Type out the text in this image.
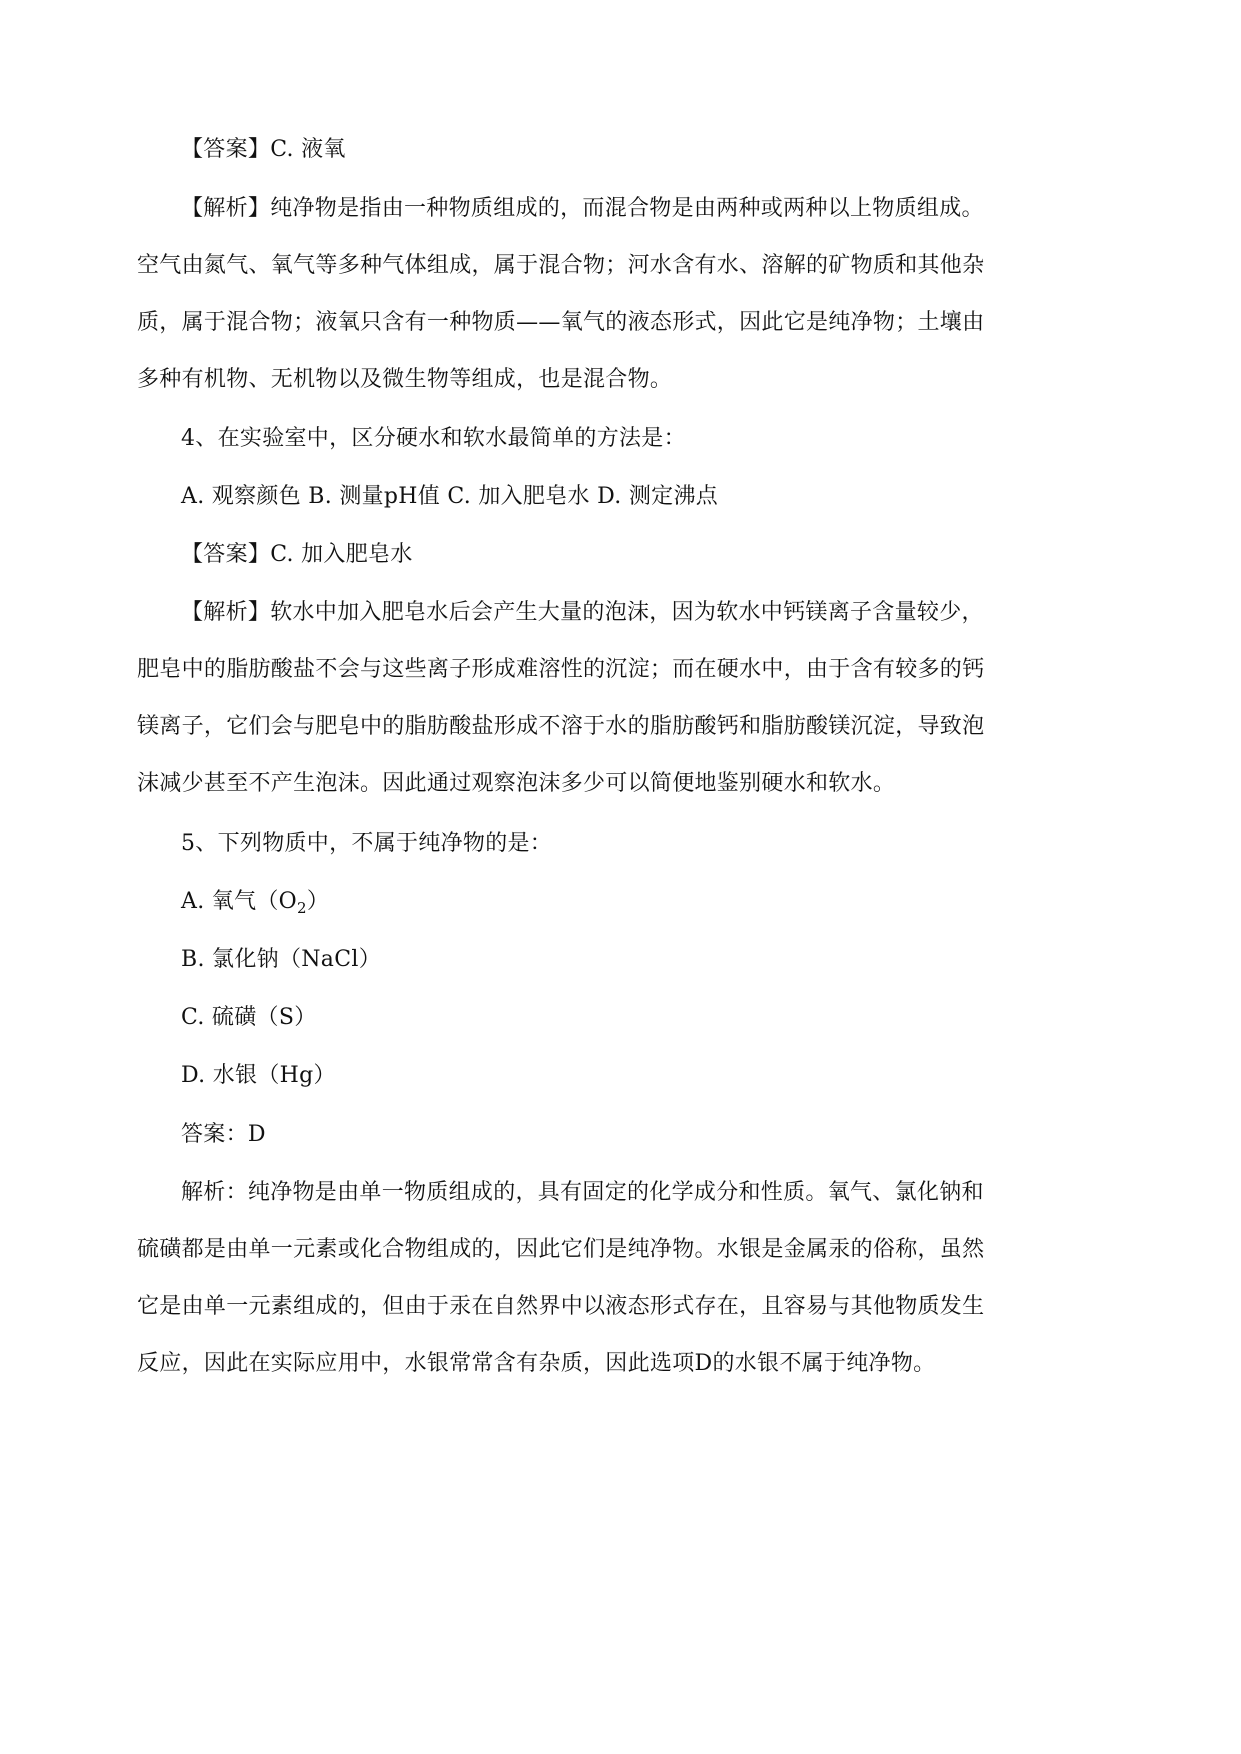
【答案】C. 液氧

【解析】纯净物是指由一种物质组成的，而混合物是由两种或两种以上物质组成。
空气由氮气、氧气等多种气体组成，属于混合物；河水含有水、溶解的矿物质和其他杂
质，属于混合物；液氧只含有一种物质——氧气的液态形式，因此它是纯净物；土壤由
多种有机物、无机物以及微生物等组成，也是混合物。

4、在实验室中，区分硬水和软水最简单的方法是：

A. 观察颜色 B. 测量pH值 C. 加入肥皂水 D. 测定沸点

【答案】C. 加入肥皂水

【解析】软水中加入肥皂水后会产生大量的泡沫，因为软水中钙镁离子含量较少，
肥皂中的脂肪酸盐不会与这些离子形成难溶性的沉淀；而在硬水中，由于含有较多的钙
镁离子，它们会与肥皂中的脂肪酸盐形成不溶于水的脂肪酸钙和脂肪酸镁沉淀，导致泡
沫减少甚至不产生泡沫。因此通过观察泡沫多少可以简便地鉴别硬水和软水。

5、下列物质中，不属于纯净物的是：

A. 氧气$(O_2)$

B. 氯化钠（NaCl）

C. 硫磺（S）

D. 水银（Hg）

答案：D

解析：纯净物是由单一物质组成的，具有固定的化学成分和性质。氧气、氯化钠和
硫磺都是由单一元素或化合物组成的，因此它们是纯净物。水银是金属汞的俗称，虽然
它是由单一元素组成的，但由于汞在自然界中以液态形式存在，且容易与其他物质发生
反应，因此在实际应用中，水银常常含有杂质，因此选项D的水银不属于纯净物。
